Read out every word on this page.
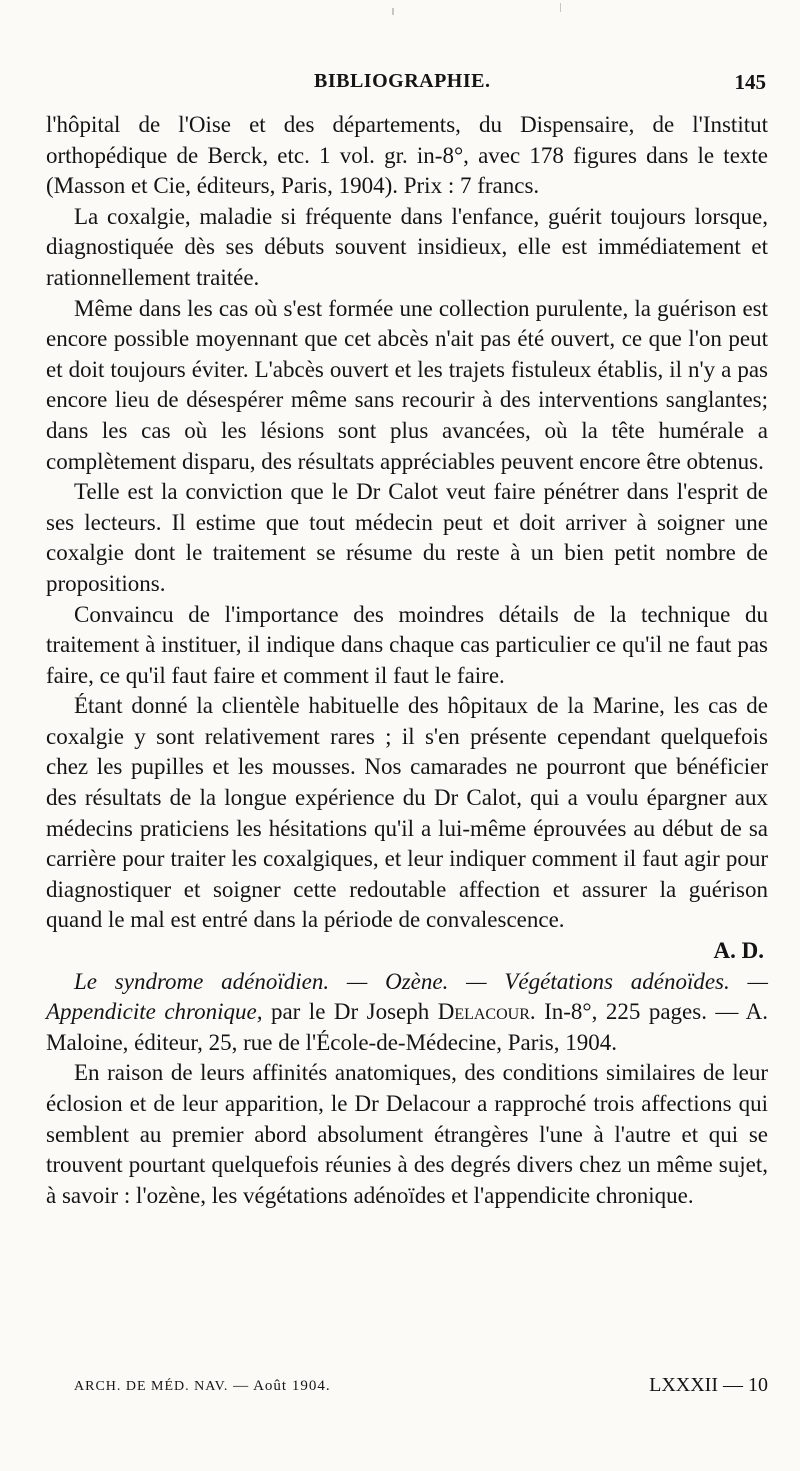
BIBLIOGRAPHIE.	145

l'hôpital de l'Oise et des départements, du Dispensaire, de l'Institut orthopédique de Berck, etc. 1 vol. gr. in-8°, avec 178 figures dans le texte (Masson et Cie, éditeurs, Paris, 1904). Prix : 7 francs.

La coxalgie, maladie si fréquente dans l'enfance, guérit toujours lorsque, diagnostiquée dès ses débuts souvent insidieux, elle est immédiatement et rationnellement traitée.

Même dans les cas où s'est formée une collection purulente, la guérison est encore possible moyennant que cet abcès n'ait pas été ouvert, ce que l'on peut et doit toujours éviter. L'abcès ouvert et les trajets fistuleux établis, il n'y a pas encore lieu de désespérer même sans recourir à des interventions sanglantes; dans les cas où les lésions sont plus avancées, où la tête humérale a complètement disparu, des résultats appréciables peuvent encore être obtenus.

Telle est la conviction que le Dr Calot veut faire pénétrer dans l'esprit de ses lecteurs. Il estime que tout médecin peut et doit arriver à soigner une coxalgie dont le traitement se résume du reste à un bien petit nombre de propositions.

Convaincu de l'importance des moindres détails de la technique du traitement à instituer, il indique dans chaque cas particulier ce qu'il ne faut pas faire, ce qu'il faut faire et comment il faut le faire.

Étant donné la clientèle habituelle des hôpitaux de la Marine, les cas de coxalgie y sont relativement rares ; il s'en présente cependant quelquefois chez les pupilles et les mousses. Nos camarades ne pourront que bénéficier des résultats de la longue expérience du Dr Calot, qui a voulu épargner aux médecins praticiens les hésitations qu'il a lui-même éprouvées au début de sa carrière pour traiter les coxalgiques, et leur indiquer comment il faut agir pour diagnostiquer et soigner cette redoutable affection et assurer la guérison quand le mal est entré dans la période de convalescence.

A. D.

Le syndrome adénoïdien. — Ozène. — Végétations adénoïdes. — Appendicite chronique, par le Dr Joseph Delacour. In-8°, 225 pages. — A. Maloine, éditeur, 25, rue de l'École-de-Médecine, Paris, 1904.

En raison de leurs affinités anatomiques, des conditions similaires de leur éclosion et de leur apparition, le Dr Delacour a rapproché trois affections qui semblent au premier abord absolument étrangères l'une à l'autre et qui se trouvent pourtant quelquefois réunies à des degrés divers chez un même sujet, à savoir : l'ozène, les végétations adénoïdes et l'appendicite chronique.

ARCH. DE MÉD. NAV. — Août 1904.	LXXXII — 10
